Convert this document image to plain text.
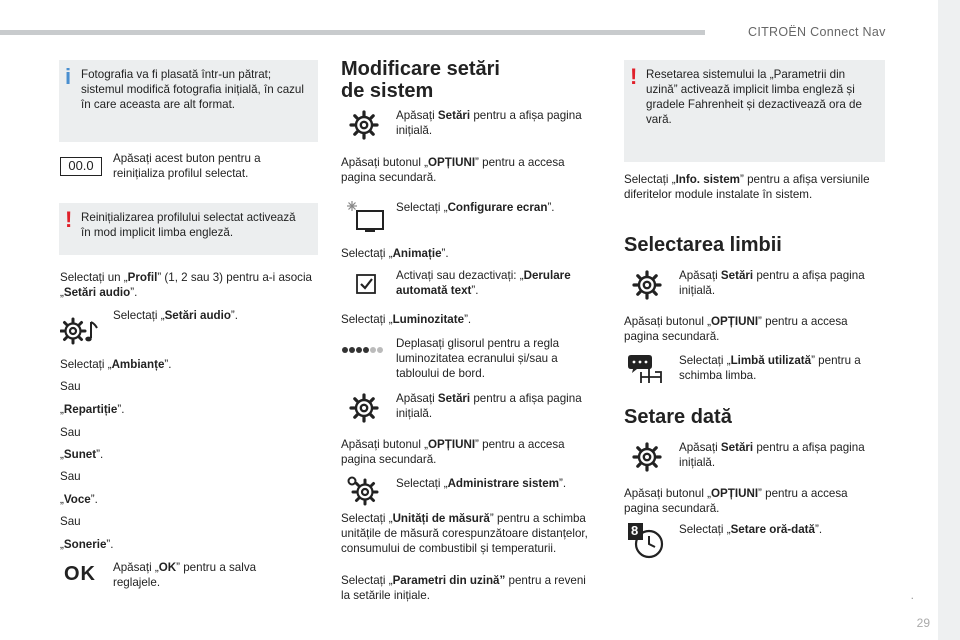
CITROËN Connect Nav
.
29
i Fotografia va fi plasată într-un pătrat; sistemul modifică fotografia inițială, în cazul în care aceasta are alt format.
00.0	Apăsați acest buton pentru a reinițializa profilul selectat.
! Reinițializarea profilului selectat activează în mod implicit limba engleză.
Selectați un „Profil” (1, 2 sau 3) pentru a-i asocia „Setări audio”.
Selectați „Setări audio”.
Selectați „Ambianțe”.
Sau
„Repartiție”.
Sau
„Sunet”.
Sau
„Voce”.
Sau
„Sonerie”.
OK Apăsați „OK” pentru a salva reglajele.
Modificare setări
de sistem
Apăsați Setări pentru a afișa pagina inițială.
Apăsați butonul „OPȚIUNI” pentru a accesa pagina secundară.
Selectați „Configurare ecran”.
Selectați „Animație”.
Activați sau dezactivați: „Derulare automată text”.
Selectați „Luminozitate”.
Deplasați glisorul pentru a regla luminozitatea ecranului și/sau a tabloului de bord.
Apăsați Setări pentru a afișa pagina inițială.
Apăsați butonul „OPȚIUNI” pentru a accesa pagina secundară.
Selectați „Administrare sistem”.
Selectați „Unități de măsură” pentru a schimba unitățile de măsură corespunzătoare distanțelor, consumului de combustibil și temperaturii.
Selectați „Parametri din uzină” pentru a reveni la setările inițiale.
! Resetarea sistemului la „Parametrii din uzină” activează implicit limba engleză și gradele Fahrenheit și dezactivează ora de vară.
Selectați „Info. sistem” pentru a afișa versiunile diferitelor module instalate în sistem.
Selectarea limbii
Apăsați Setări pentru a afișa pagina inițială.
Apăsați butonul „OPȚIUNI” pentru a accesa pagina secundară.
Selectați „Limbă utilizată” pentru a schimba limba.
Setare dată
Apăsați Setări pentru a afișa pagina inițială.
Apăsați butonul „OPȚIUNI” pentru a accesa pagina secundară.
8	Selectați „Setare oră-dată”.
